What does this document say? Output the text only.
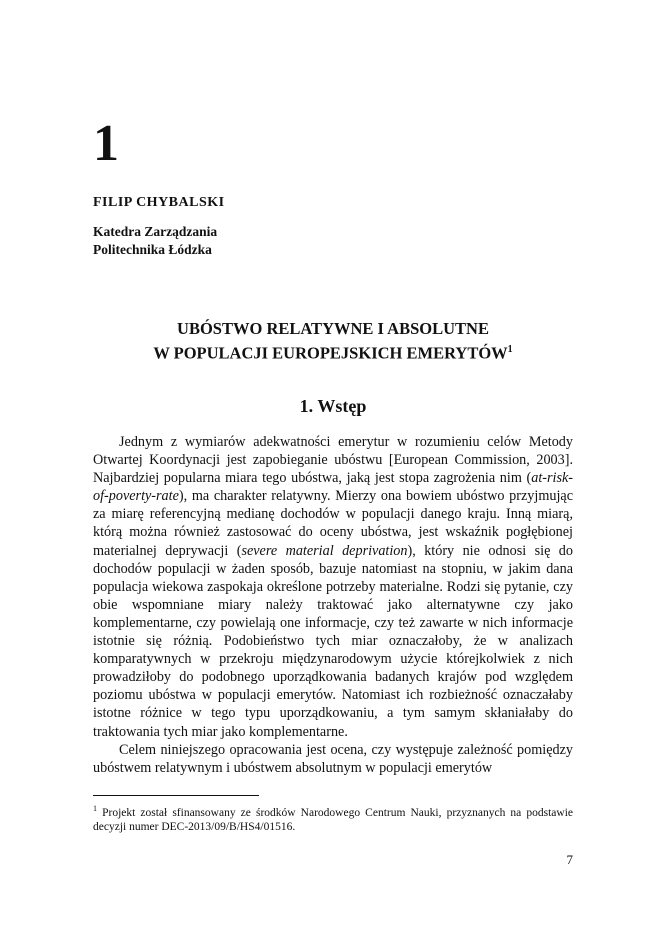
1
FILIP CHYBALSKI
Katedra Zarządzania
Politechnika Łódzka
UBÓSTWO RELATYWNE I ABSOLUTNE
W POPULACJI EUROPEJSKICH EMERYTÓW$^1$
1. Wstęp

Jednym z wymiarów adekwatności emerytur w rozumieniu celów Metody Otwartej Koordynacji jest zapobieganie ubóstwu [European Commission, 2003]. Najbardziej popularna miara tego ubóstwa, jaką jest stopa zagrożenia nim (at-risk-of-poverty-rate), ma charakter relatywny. Mierzy ona bowiem ubóstwo przyjmując za miarę referencyjną medianę dochodów w populacji danego kraju. Inną miarą, którą można również zastosować do oceny ubóstwa, jest wskaźnik pogłębionej materialnej deprywacji (severe material deprivation), który nie odnosi się do dochodów populacji w żaden sposób, bazuje natomiast na stopniu, w jakim dana populacja wiekowa zaspokaja określone potrzeby materialne. Rodzi się pytanie, czy obie wspomniane miary należy traktować jako alternatywne czy jako komplementarne, czy powielają one informacje, czy też zawarte w nich informacje istotnie się różnią. Podobieństwo tych miar oznaczałoby, że w analizach komparatywnych w przekroju międzynarodowym użycie którejkolwiek z nich prowadziłoby do podobnego uporządkowania badanych krajów pod względem poziomu ubóstwa w populacji emerytów. Natomiast ich rozbieżność oznaczałaby istotne różnice w tego typu uporządkowaniu, a tym samym skłaniałaby do traktowania tych miar jako komplementarne.

Celem niniejszego opracowania jest ocena, czy występuje zależność pomiędzy ubóstwem relatywnym i ubóstwem absolutnym w populacji emerytów

$^1$ Projekt został sfinansowany ze środków Narodowego Centrum Nauki, przyznanych na podstawie decyzji numer DEC-2013/09/B/HS4/01516.
7
